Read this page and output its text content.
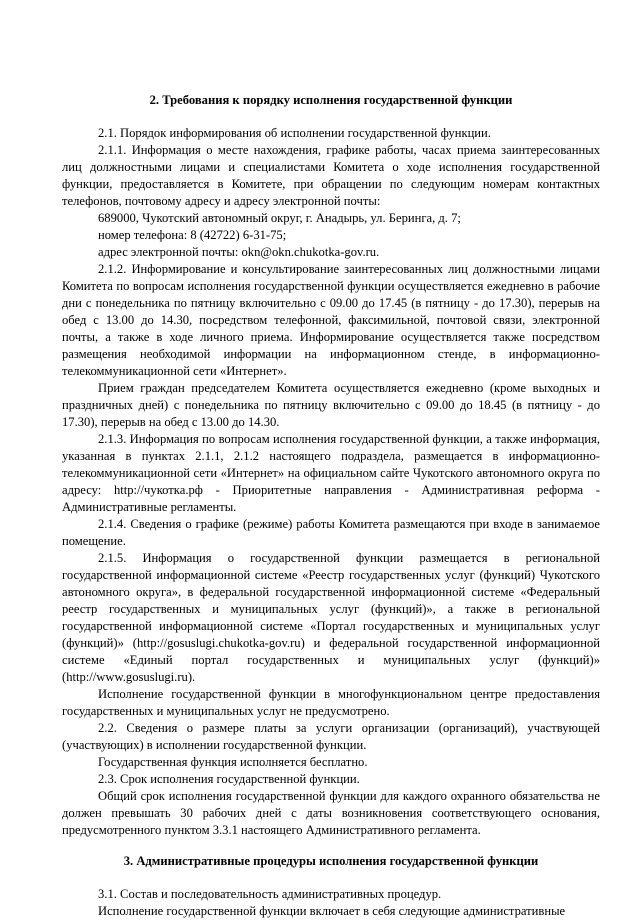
2. Требования к порядку исполнения государственной функции

2.1. Порядок информирования об исполнении государственной функции.

2.1.1. Информация о месте нахождения, графике работы, часах приема заинтересованных лиц должностными лицами и специалистами Комитета о ходе исполнения государственной функции, предоставляется в Комитете, при обращении по следующим номерам контактных телефонов, почтовому адресу и адресу электронной почты:

689000, Чукотский автономный округ, г. Анадырь, ул. Беринга, д. 7;

номер телефона: 8 (42722) 6-31-75;

адрес электронной почты: okn@okn.chukotka-gov.ru.

2.1.2. Информирование и консультирование заинтересованных лиц должностными лицами Комитета по вопросам исполнения государственной функции осуществляется ежедневно в рабочие дни с понедельника по пятницу включительно с 09.00 до 17.45 (в пятницу - до 17.30), перерыв на обед с 13.00 до 14.30, посредством телефонной, факсимильной, почтовой связи, электронной почты, а также в ходе личного приема. Информирование осуществляется также посредством размещения необходимой информации на информационном стенде, в информационно-телекоммуникационной сети «Интернет».

Прием граждан председателем Комитета осуществляется ежедневно (кроме выходных и праздничных дней) с понедельника по пятницу включительно с 09.00 до 18.45 (в пятницу - до 17.30), перерыв на обед с 13.00 до 14.30.

2.1.3. Информация по вопросам исполнения государственной функции, а также информация, указанная в пунктах 2.1.1, 2.1.2 настоящего подраздела, размещается в информационно-телекоммуникационной сети «Интернет» на официальном сайте Чукотского автономного округа по адресу: http://чукотка.рф - Приоритетные направления - Административная реформа - Административные регламенты.

2.1.4. Сведения о графике (режиме) работы Комитета размещаются при входе в занимаемое помещение.

2.1.5. Информация о государственной функции размещается в региональной государственной информационной системе «Реестр государственных услуг (функций) Чукотского автономного округа», в федеральной государственной информационной системе «Федеральный реестр государственных и муниципальных услуг (функций)», а также в региональной государственной информационной системе «Портал государственных и муниципальных услуг (функций)» (http://gosuslugi.chukotka-gov.ru) и федеральной государственной информационной системе «Единый портал государственных и муниципальных услуг (функций)» (http://www.gosuslugi.ru).

Исполнение государственной функции в многофункциональном центре предоставления государственных и муниципальных услуг не предусмотрено.

2.2. Сведения о размере платы за услуги организации (организаций), участвующей (участвующих) в исполнении государственной функции.

Государственная функция исполняется бесплатно.

2.3. Срок исполнения государственной функции.

Общий срок исполнения государственной функции для каждого охранного обязательства не должен превышать 30 рабочих дней с даты возникновения соответствующего основания, предусмотренного пунктом 3.3.1 настоящего Административного регламента.

3. Административные процедуры исполнения государственной функции

3.1. Состав и последовательность административных процедур.

Исполнение государственной функции включает в себя следующие административные
